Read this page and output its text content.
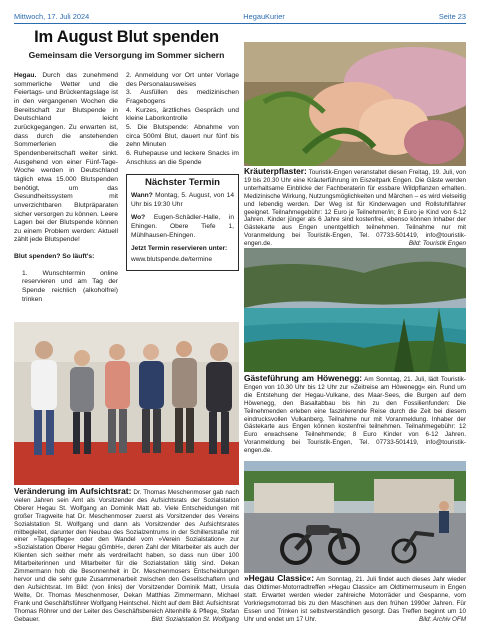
Mittwoch, 17. Juli 2024	HegauKurier	Seite 23
Im August Blut spenden
Gemeinsam die Versorgung im Sommer sichern

Hegau. Durch das zunehmend sommerliche Wetter und die Feiertags- und Brückentagslage ist in den vergangenen Wochen die Bereitschaft zur Blutspende in Deutschland leicht zurückgegangen. Zu erwarten ist, dass durch die anstehenden Sommerferien die Spendenbereitschaft weiter sinkt. Ausgehend von einer Fünf-Tage-Woche werden in Deutschland täglich etwa 15.000 Blutspenden benötigt, um das Gesundheitssystem mit unverzichtbaren Blutpräparaten sicher versorgen zu können. Leere Lagen bei der Blutspende können zu einem Problem werden: Aktuell zählt jede Blutspende!

Blut spenden? So läuft's:

1. Wunschtermin online reservieren und am Tag der Spende reichlich (alkoholfrei) trinken

2. Anmeldung vor Ort unter Vorlage des Personalausweises

3. Ausfüllen des medizinischen Fragebogens

4. Kurzes, ärztliches Gespräch und kleine Laborkontrolle

5. Die Blutspende: Abnahme von circa 500ml Blut, dauert nur fünf bis zehn Minuten

6. Ruhepause und leckere Snacks im Anschluss an die Spende

Nächster Termin

Wann? Montag, 5. August, von 14 Uhr bis 19:30 Uhr

Wo? Eugen-Schädler-Halle, in Ehingen. Obere Tiefe 1, Mühlhausen-Ehingen.

Jetzt Termin reservieren unter:

www.blutspende.de/termine

Kräuterpflaster: Touristik-Engen veranstaltet diesen Freitag, 19. Juli, von 19 bis 20.30 Uhr eine Kräuterführung im Eiszeitpark Engen. Die Gäste werden unterhaltsame Einblicke der Fachberaterin für essbare Wildpflanzen erhalten. Medizinische Wirkung, Nutzungsmöglichkeiten und Märchen – es wird vielseitig und lebendig werden. Der Weg ist für Kinderwagen und Rollstuhlfahrer geeignet. Teilnahmegebühr: 12 Euro je Teilnehmer/in; 8 Euro je Kind von 6-12 Jahren. Kinder jünger als 6 Jahre sind kostenfrei, ebenso können Inhaber der Gästekarte aus Engen unentgeltlich teilnehmen. Teilnahme nur mit Voranmeldung bei Touristik-Engen, Tel. 07733-501419, info@touristik-engen.de.	Bild: Touristik Engen
Gästeführung am Höwenegg: Am Sonntag, 21. Juli, lädt Touristik-Engen von 10.30 Uhr bis 12 Uhr zur »Zeitreise am Höwenegg« ein. Rund um die Entstehung der Hegau-Vulkane, des Maar-Sees, die Burgen auf dem Höwenegg, den Basaltabbau bis hin zu den Fossilienfunden: Die Teilnehmenden erleben eine faszinierende Reise durch die Zeit bei diesem eindrucksvollen Vulkanberg. Teilnahme nur mit Voranmeldung. Inhaber der Gästekarte aus Engen können kostenfrei teilnehmen. Teilnahmegebühr: 12 Euro erwachsene Teilnehmende; 8 Euro Kinder von 6-12 Jahren. Voranmeldung bei Touristik-Engen, Tel. 07733-501419, info@touristik-engen.de.
Veränderung im Aufsichtsrat: Dr. Thomas Meschenmoser gab nach vielen Jahren sein Amt als Vorsitzender des Aufsichtsrats der Sozialstation Oberer Hegau St. Wolfgang an Dominik Matt ab. Viele Entscheidungen mit großer Tragweite hat Dr. Meschenmoser zuerst als Vorsitzender des Vereins Sozialstation St. Wolfgang und dann als Vorsitzender des Aufsichtsrates mitbegleitet, darunter den Neubau des Sozialzentrums in der Schillerstraße mit einer »Tagespflege« oder den Wandel vom »Verein Sozialstation« zur »Sozialstation Oberer Hegau gGmbH«, deren Zahl der Mitarbeiter als auch der Klienten sich seither mehr als verdreifacht haben, so dass nun über 100 Mitarbeiterinnen und Mitarbeiter für die Sozialstation tätig sind. Dekan Zimmermann hob die Besonnenheit in Dr. Meschenmosers Entscheidungen hervor und die sehr gute Zusammenarbeit zwischen den Gesellschaftern und den Aufsichtsrat. Im Bild: (von links) der Vorsitzender Dominik Matt, Ursula Welte, Dr. Thomas Meschenmoser, Dekan Matthias Zimmermann, Michael Frank und Geschäftsführer Wolfgang Heintschel. Nicht auf dem Bild: Aufsichtsrat Thomas Röhrer und der Leiter des Geschäftsbereich Altenhilfe & Pflege, Stefan Gebauer.	Bild: Sozialstation St. Wolfgang
»Hegau Classic«: Am Sonntag, 21. Juli findet auch dieses Jahr wieder das Oldtimer-Motorradtreffen »Hegau Classic« am Oldtimermuseum in Engen statt. Erwartet werden wieder zahlreiche Motorräder und Gespanne, vom Vorkriegsmotorrad bis zu den Maschinen aus den frühen 1990er Jahren. Für Essen und Trinken ist selbstverständlich gesorgt. Das Treffen beginnt um 10 Uhr und endet um 17 Uhr.	Bild: Archiv OFM
